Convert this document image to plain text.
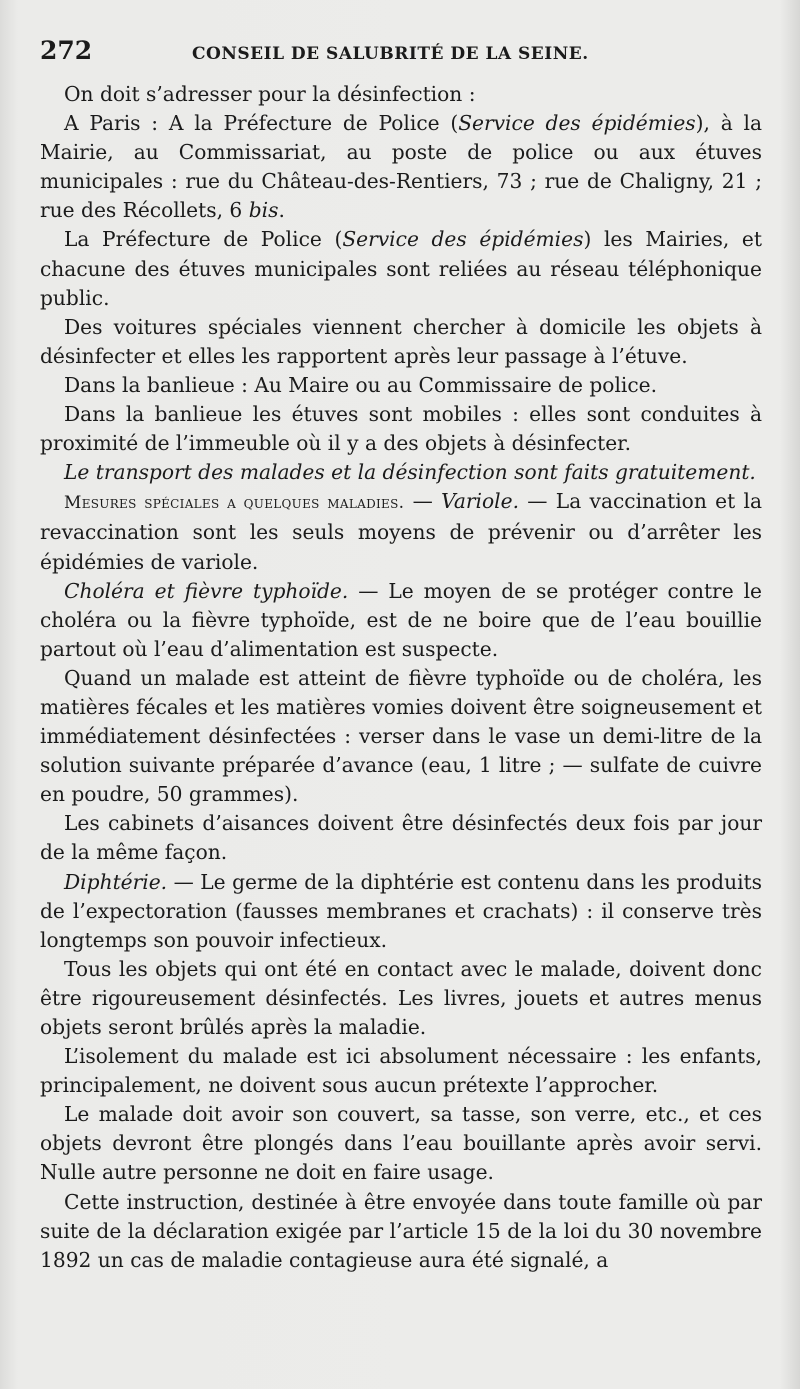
272	CONSEIL DE SALUBRITÉ DE LA SEINE.

On doit s’adresser pour la désinfection :

A Paris : A la Préfecture de Police (Service des épidémies), à la Mairie, au Commissariat, au poste de police ou aux étuves municipales : rue du Château-des-Rentiers, 73 ; rue de Chaligny, 21 ; rue des Récollets, 6 bis.

La Préfecture de Police (Service des épidémies) les Mairies, et chacune des étuves municipales sont reliées au réseau téléphonique public.

Des voitures spéciales viennent chercher à domicile les objets à désinfecter et elles les rapportent après leur passage à l’étuve.

Dans la banlieue : Au Maire ou au Commissaire de police.

Dans la banlieue les étuves sont mobiles : elles sont conduites à proximité de l’immeuble où il y a des objets à désinfecter.

Le transport des malades et la désinfection sont faits gratuitement.

Mesures spéciales a quelques maladies. — Variole. — La vaccination et la revaccination sont les seuls moyens de prévenir ou d’arrêter les épidémies de variole.

Choléra et fièvre typhoïde. — Le moyen de se protéger contre le choléra ou la fièvre typhoïde, est de ne boire que de l’eau bouillie partout où l’eau d’alimentation est suspecte.

Quand un malade est atteint de fièvre typhoïde ou de choléra, les matières fécales et les matières vomies doivent être soigneusement et immédiatement désinfectées : verser dans le vase un demi-litre de la solution suivante préparée d’avance (eau, 1 litre ; — sulfate de cuivre en poudre, 50 grammes).

Les cabinets d’aisances doivent être désinfectés deux fois par jour de la même façon.

Diphtérie. — Le germe de la diphtérie est contenu dans les produits de l’expectoration (fausses membranes et crachats) : il conserve très longtemps son pouvoir infectieux.

Tous les objets qui ont été en contact avec le malade, doivent donc être rigoureusement désinfectés. Les livres, jouets et autres menus objets seront brûlés après la maladie.

L’isolement du malade est ici absolument nécessaire : les enfants, principalement, ne doivent sous aucun prétexte l’approcher.

Le malade doit avoir son couvert, sa tasse, son verre, etc., et ces objets devront être plongés dans l’eau bouillante après avoir servi. Nulle autre personne ne doit en faire usage.

Cette instruction, destinée à être envoyée dans toute famille où par suite de la déclaration exigée par l’article 15 de la loi du 30 novembre 1892 un cas de maladie contagieuse aura été signalé, a
